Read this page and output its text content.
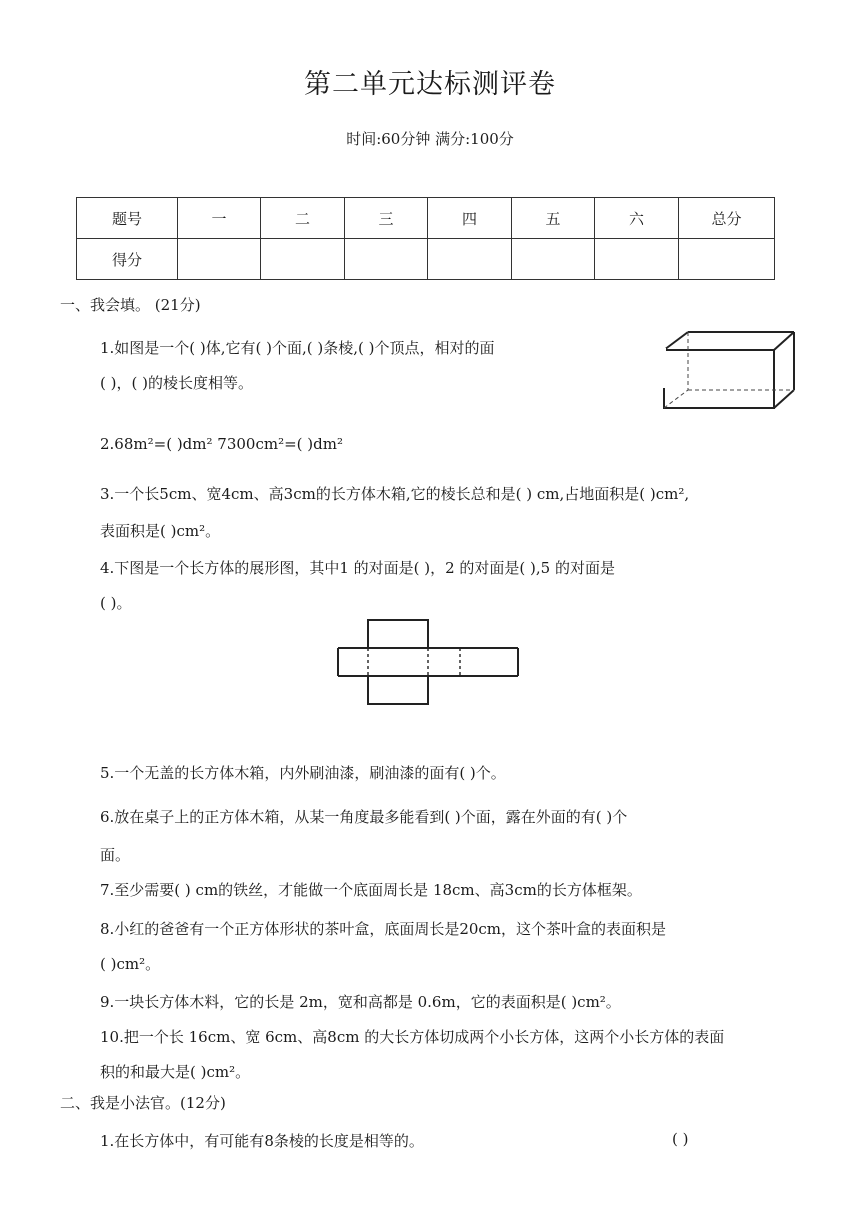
第二单元达标测评卷
时间:60分钟 满分:100分
题号	一	二	三	四	五	六	总分
得分							
一、我会填。 (21分)
1.如图是一个( )体,它有( )个面,( )条棱,( )个顶点，相对的面
( )，( )的棱长度相等。
2.68m²=( )dm² 7300cm²=( )dm²
3.一个长5cm、宽4cm、高3cm的长方体木箱,它的棱长总和是( ) cm,占地面积是( )cm²,
表面积是( )cm²。
4.下图是一个长方体的展形图，其中1 的对面是( )，2 的对面是( ),5 的对面是
( )。
5.一个无盖的长方体木箱，内外刷油漆，刷油漆的面有( )个。
6.放在桌子上的正方体木箱，从某一角度最多能看到( )个面，露在外面的有( )个
面。
7.至少需要( ) cm的铁丝，才能做一个底面周长是 18cm、高3cm的长方体框架。
8.小红的爸爸有一个正方体形状的茶叶盒，底面周长是20cm，这个茶叶盒的表面积是
( )cm²。
9.一块长方体木料，它的长是 2m，宽和高都是 0.6m，它的表面积是( )cm²。
10.把一个长 16cm、宽 6cm、高8cm 的大长方体切成两个小长方体，这两个小长方体的表面
积的和最大是( )cm²。
二、我是小法官。(12分)
1.在长方体中，有可能有8条棱的长度是相等的。	( )
